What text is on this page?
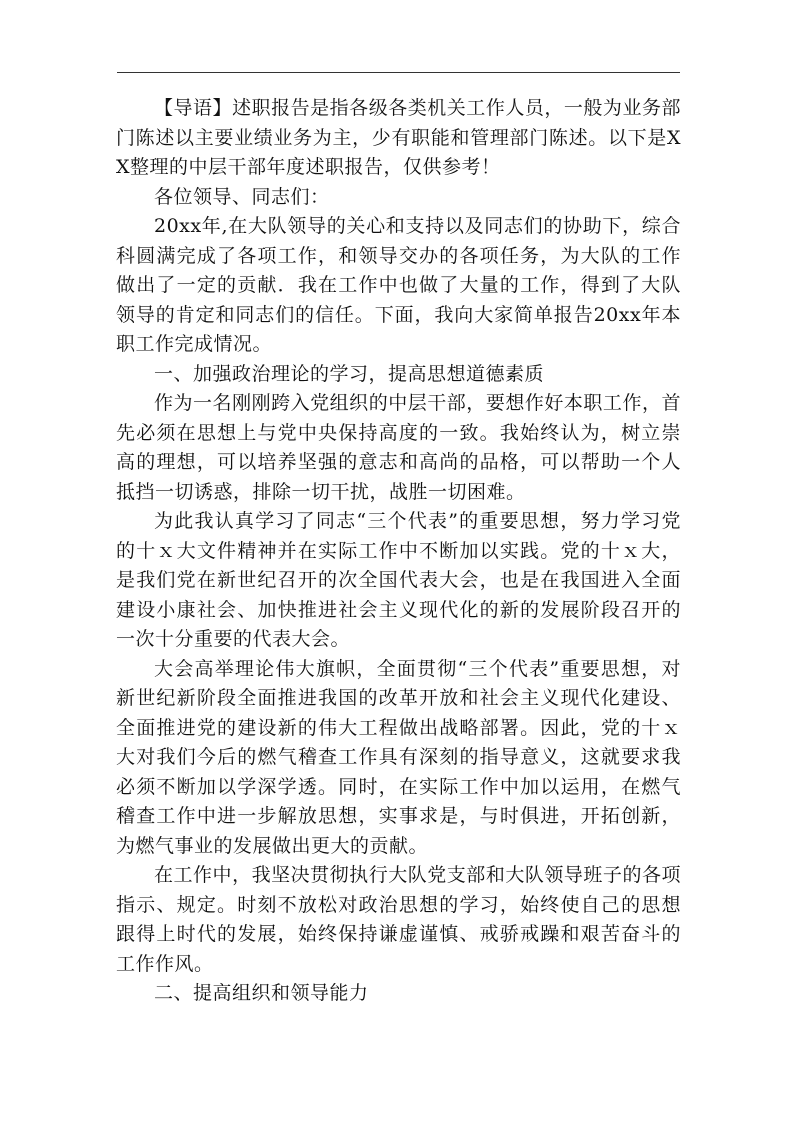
【导语】述职报告是指各级各类机关工作人员，一般为业务部门陈述以主要业绩业务为主，少有职能和管理部门陈述。以下是XX整理的中层干部年度述职报告，仅供参考！

各位领导、同志们：

20xx年,在大队领导的关心和支持以及同志们的协助下，综合科圆满完成了各项工作，和领导交办的各项任务，为大队的工作做出了一定的贡献．我在工作中也做了大量的工作，得到了大队领导的肯定和同志们的信任。下面，我向大家简单报告20xx年本职工作完成情况。

一、加强政治理论的学习，提高思想道德素质

作为一名刚刚跨入党组织的中层干部，要想作好本职工作，首先必须在思想上与党中央保持高度的一致。我始终认为，树立崇高的理想，可以培养坚强的意志和高尚的品格，可以帮助一个人抵挡一切诱惑，排除一切干扰，战胜一切困难。

为此我认真学习了同志“三个代表”的重要思想，努力学习党的十ｘ大文件精神并在实际工作中不断加以实践。党的十ｘ大，是我们党在新世纪召开的次全国代表大会，也是在我国进入全面建设小康社会、加快推进社会主义现代化的新的发展阶段召开的一次十分重要的代表大会。

大会高举理论伟大旗帜，全面贯彻“三个代表”重要思想，对新世纪新阶段全面推进我国的改革开放和社会主义现代化建设、全面推进党的建设新的伟大工程做出战略部署。因此，党的十ｘ大对我们今后的燃气稽查工作具有深刻的指导意义，这就要求我必须不断加以学深学透。同时，在实际工作中加以运用，在燃气稽查工作中进一步解放思想，实事求是，与时俱进，开拓创新，为燃气事业的发展做出更大的贡献。

在工作中，我坚决贯彻执行大队党支部和大队领导班子的各项指示、规定。时刻不放松对政治思想的学习，始终使自己的思想跟得上时代的发展，始终保持谦虚谨慎、戒骄戒躁和艰苦奋斗的工作作风。

二、提高组织和领导能力
